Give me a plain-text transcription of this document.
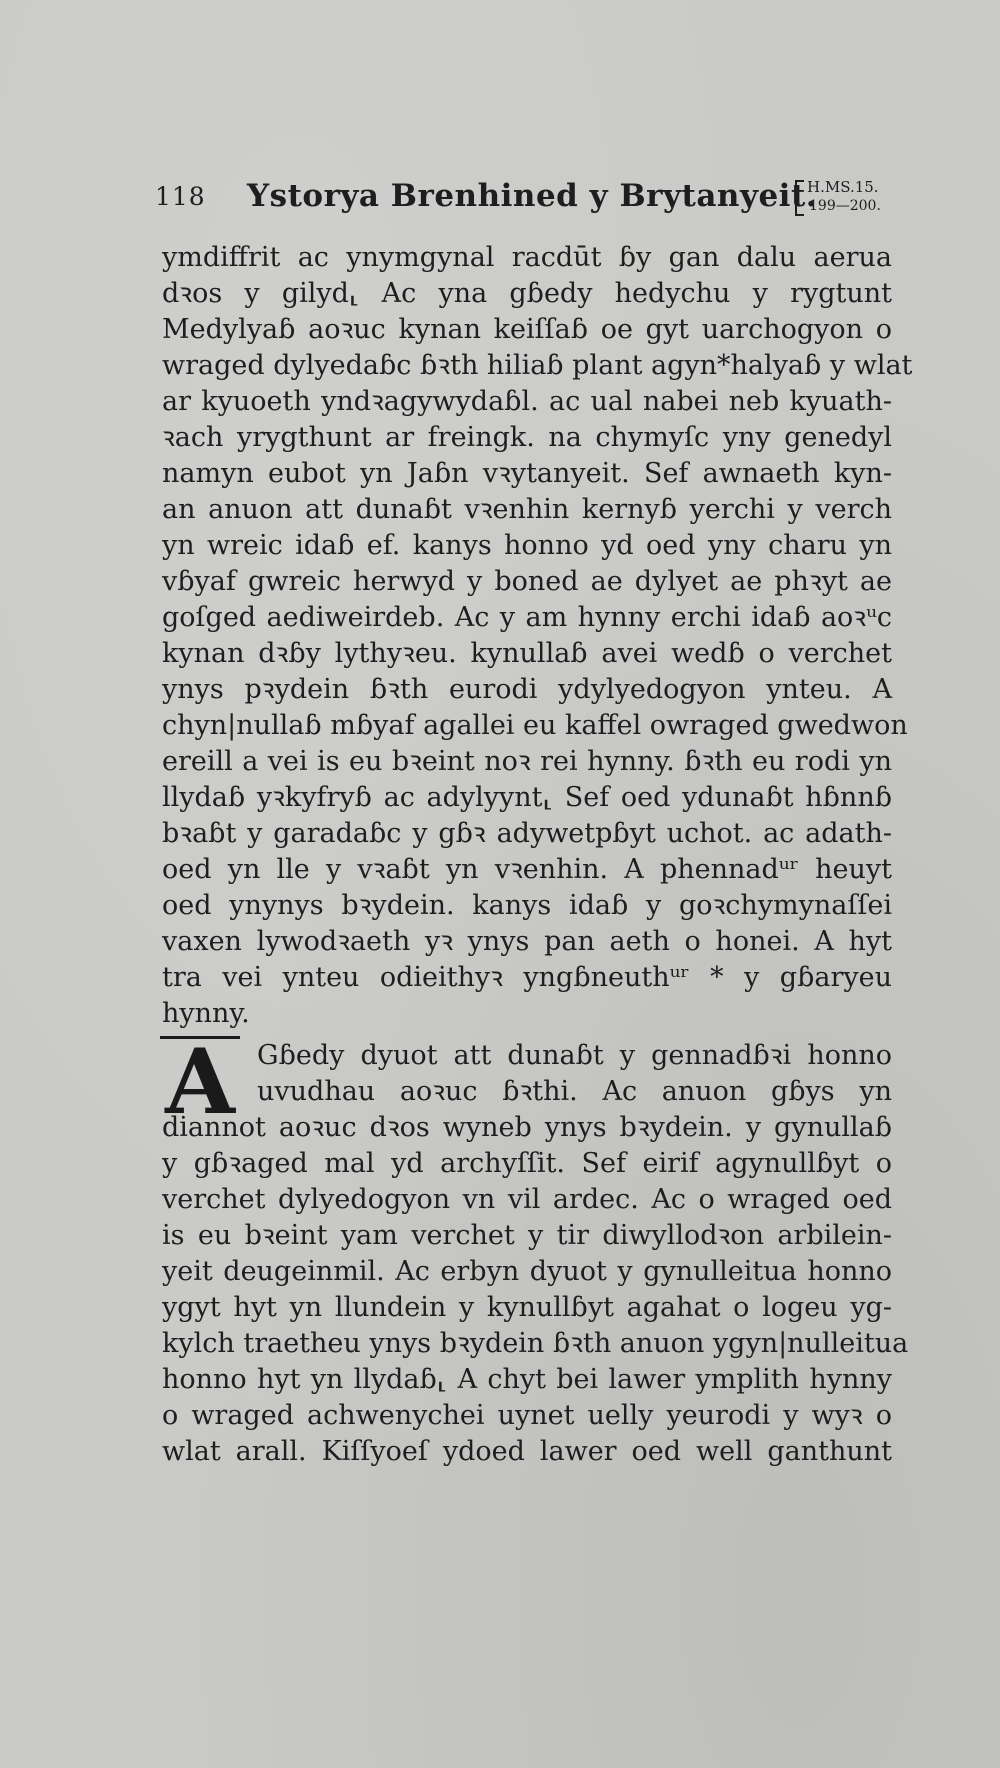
118 Ystorya Brenhined y Brytanyeit.
H.MS.15.
199—200.
ymdiffrit ac ynymgynal racdūt ɓy gan dalu aerua
dꝛos y gilyd⸤ Ac yna gɓedy hedychu y rygtunt
Medylyaɓ aoꝛuc kynan keiſſaɓ oe gyt uarchogyon o
wraged dylyedaɓc ɓꝛth hiliaɓ plant agyn*halyaɓ y wlat
ar kyuoeth yndꝛagywydaɓl. ac ual nabei neb kyuath-
ꝛach yrygthunt ar freingk. na chymyſc yny genedyl
namyn eubot yn Jaɓn vꝛytanyeit. Sef awnaeth kyn-
an anuon att dunaɓt vꝛenhin kernyɓ yerchi y verch
yn wreic idaɓ ef. kanys honno yd oed yny charu yn
vɓyaf gwreic herwyd y boned ae dylyet ae phꝛyt ae
goſged aediweirdeb. Ac y am hynny erchi idaɓ aoꝛᵘc
kynan dꝛɓy lythyꝛeu. kynullaɓ avei wedɓ o verchet
ynys pꝛydein ɓꝛth eurodi ydylyedogyon ynteu. A
chyn|nullaɓ mɓyaf agallei eu kaffel owraged gwedwon
ereill a vei is eu bꝛeint noꝛ rei hynny. ɓꝛth eu rodi yn
llydaɓ yꝛkyfryɓ ac adylyynt⸤ Sef oed ydunaɓt hɓnnɓ
bꝛaɓt y garadaɓc y gɓꝛ adywetpɓyt uchot. ac adath-
oed yn lle y vꝛaɓt yn vꝛenhin. A phennadᵘʳ heuyt
oed ynynys bꝛydein. kanys idaɓ y goꝛchymynaſſei
vaxen lywodꝛaeth yꝛ ynys pan aeth o honei. A hyt
tra vei ynteu odieithyꝛ yngɓneuthᵘʳ * y gɓaryeu
hynny.
A Gɓedy dyuot att dunaɓt y gennadɓꝛi honno
uvudhau aoꝛuc ɓꝛthi. Ac anuon gɓys yn
diannot aoꝛuc dꝛos wyneb ynys bꝛydein. y gynullaɓ
y gɓꝛaged mal yd archyſſit. Sef eirif agynullɓyt o
verchet dylyedogyon vn vil ardec. Ac o wraged oed
is eu bꝛeint yam verchet y tir diwyllodꝛon arbilein-
yeit deugeinmil. Ac erbyn dyuot y gynulleitua honno
ygyt hyt yn llundein y kynullɓyt agahat o logeu yg-
kylch traetheu ynys bꝛydein ɓꝛth anuon ygyn|nulleitua
honno hyt yn llydaɓ⸤ A chyt bei lawer ymplith hynny
o wraged achwenychei uynet uelly yeurodi y wyꝛ o
wlat arall. Kiſſyoeſ ydoed lawer oed well ganthunt
